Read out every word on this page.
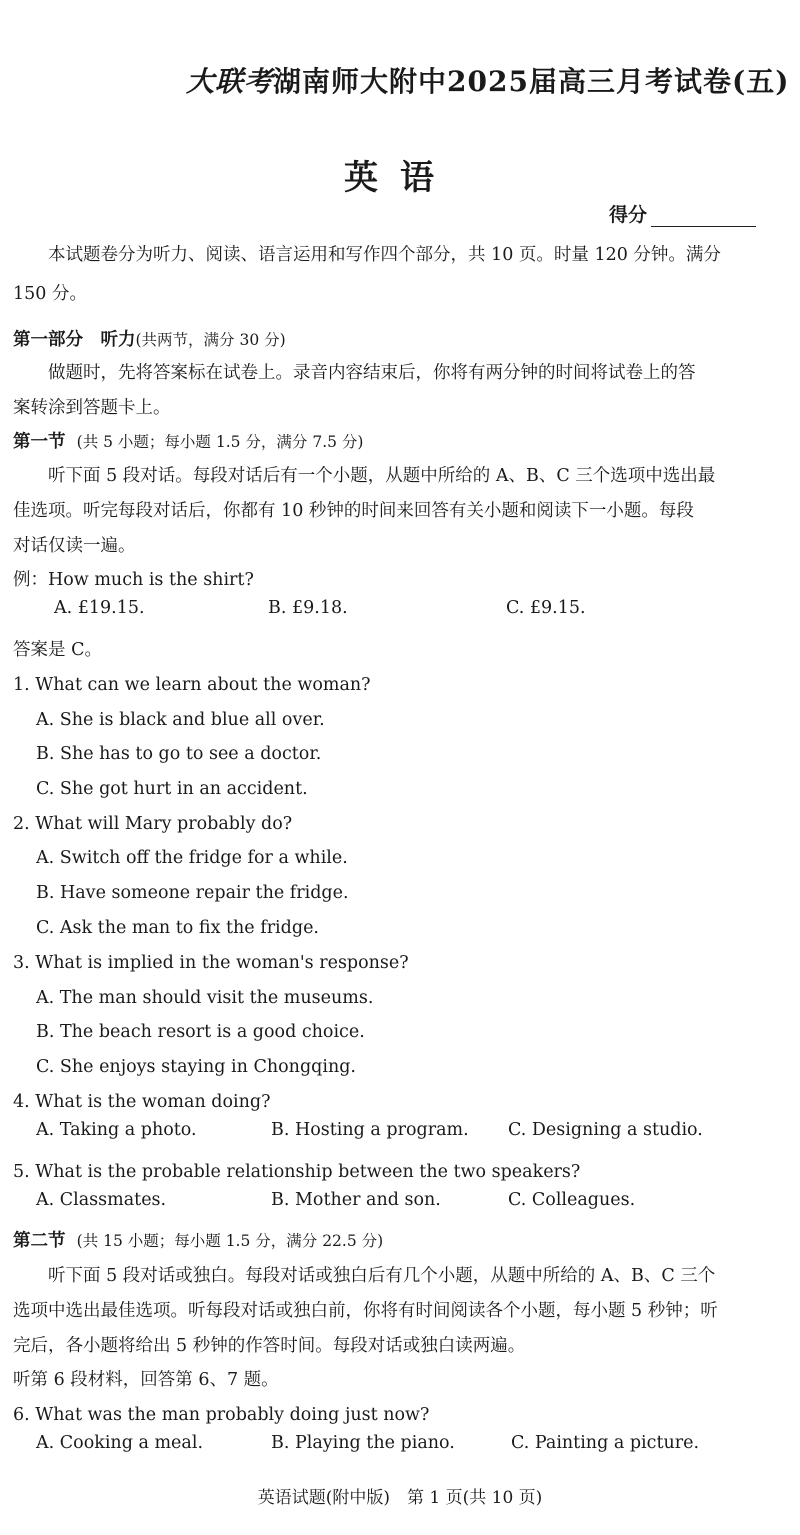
大联考湖南师大附中2025届高三月考试卷(五)
英语
得分
本试题卷分为听力、阅读、语言运用和写作四个部分，共 10 页。时量 120 分钟。满分
150 分。
第一部分　听力(共两节，满分 30 分)
做题时，先将答案标在试卷上。录音内容结束后，你将有两分钟的时间将试卷上的答
案转涂到答题卡上。
第一节 (共 5 小题；每小题 1.5 分，满分 7.5 分)
听下面 5 段对话。每段对话后有一个小题，从题中所给的 A、B、C 三个选项中选出最
佳选项。听完每段对话后，你都有 10 秒钟的时间来回答有关小题和阅读下一小题。每段
对话仅读一遍。
例：How much is the shirt?
A. £19.15.	B. £9.18.	C. £9.15.
答案是 C。
1. What can we learn about the woman?
A. She is black and blue all over.
B. She has to go to see a doctor.
C. She got hurt in an accident.
2. What will Mary probably do?
A. Switch off the fridge for a while.
B. Have someone repair the fridge.
C. Ask the man to fix the fridge.
3. What is implied in the woman's response?
A. The man should visit the museums.
B. The beach resort is a good choice.
C. She enjoys staying in Chongqing.
4. What is the woman doing?
A. Taking a photo.	B. Hosting a program. C. Designing a studio.
5. What is the probable relationship between the two speakers?
A. Classmates.	B. Mother and son.	C. Colleagues.
第二节 (共 15 小题；每小题 1.5 分，满分 22.5 分)
听下面 5 段对话或独白。每段对话或独白后有几个小题，从题中所给的 A、B、C 三个
选项中选出最佳选项。听每段对话或独白前，你将有时间阅读各个小题，每小题 5 秒钟；听
完后，各小题将给出 5 秒钟的作答时间。每段对话或独白读两遍。
听第 6 段材料，回答第 6、7 题。
6. What was the man probably doing just now?
A. Cooking a meal.	B. Playing the piano.	C. Painting a picture.
英语试题(附中版)　第 1 页(共 10 页)
